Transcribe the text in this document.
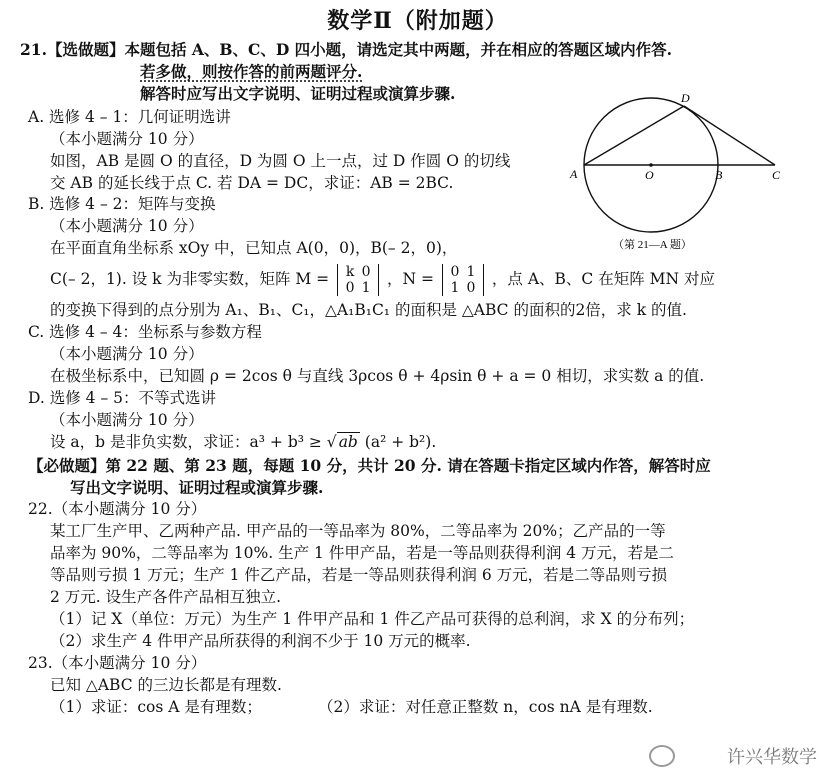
数学Ⅱ（附加题）
21.【选做题】本题包括 A、B、C、D 四小题，请选定其中两题，并在相应的答题区域内作答.
若多做，则按作答的前两题评分.
解答时应写出文字说明、证明过程或演算步骤.
A. 选修 4 – 1：几何证明选讲
（本小题满分 10 分）
如图，AB 是圆 O 的直径，D 为圆 O 上一点，过 D 作圆 O 的切线
交 AB 的延长线于点 C. 若 DA = DC，求证：AB = 2BC.
D
A	O	B	C
（第 21—A 题）
B. 选修 4 – 2：矩阵与变换
（本小题满分 10 分）
在平面直角坐标系 xOy 中，已知点 A(0，0)，B(– 2，0)，
C(– 2，1). 设 k 为非零实数，矩阵 M = k 0
0 1 ，N = 0 1
1 0 ，点 A、B、C 在矩阵 MN 对应
的变换下得到的点分别为 A₁、B₁、C₁，△A₁B₁C₁ 的面积是 △ABC 的面积的2倍，求 k 的值.
C. 选修 4 – 4：坐标系与参数方程
（本小题满分 10 分）
在极坐标系中，已知圆 ρ = 2cos θ 与直线 3ρcos θ + 4ρsin θ + a = 0 相切，求实数 a 的值.
D. 选修 4 – 5：不等式选讲
（本小题满分 10 分）
设 a，b 是非负实数，求证：a³ + b³ ≥ √ ab (a² + b²).
【必做题】第 22 题、第 23 题，每题 10 分，共计 20 分. 请在答题卡指定区域内作答，解答时应
写出文字说明、证明过程或演算步骤.
22.（本小题满分 10 分）
某工厂生产甲、乙两种产品. 甲产品的一等品率为 80%，二等品率为 20%；乙产品的一等
品率为 90%，二等品率为 10%. 生产 1 件甲产品，若是一等品则获得利润 4 万元，若是二
等品则亏损 1 万元；生产 1 件乙产品，若是一等品则获得利润 6 万元，若是二等品则亏损
2 万元. 设生产各件产品相互独立.
（1）记 X（单位：万元）为生产 1 件甲产品和 1 件乙产品可获得的总利润，求 X 的分布列；
（2）求生产 4 件甲产品所获得的利润不少于 10 万元的概率.
23.（本小题满分 10 分）
已知 △ABC 的三边长都是有理数.
（1）求证：cos A 是有理数；	（2）求证：对任意正整数 n，cos nA 是有理数.
许兴华数学
